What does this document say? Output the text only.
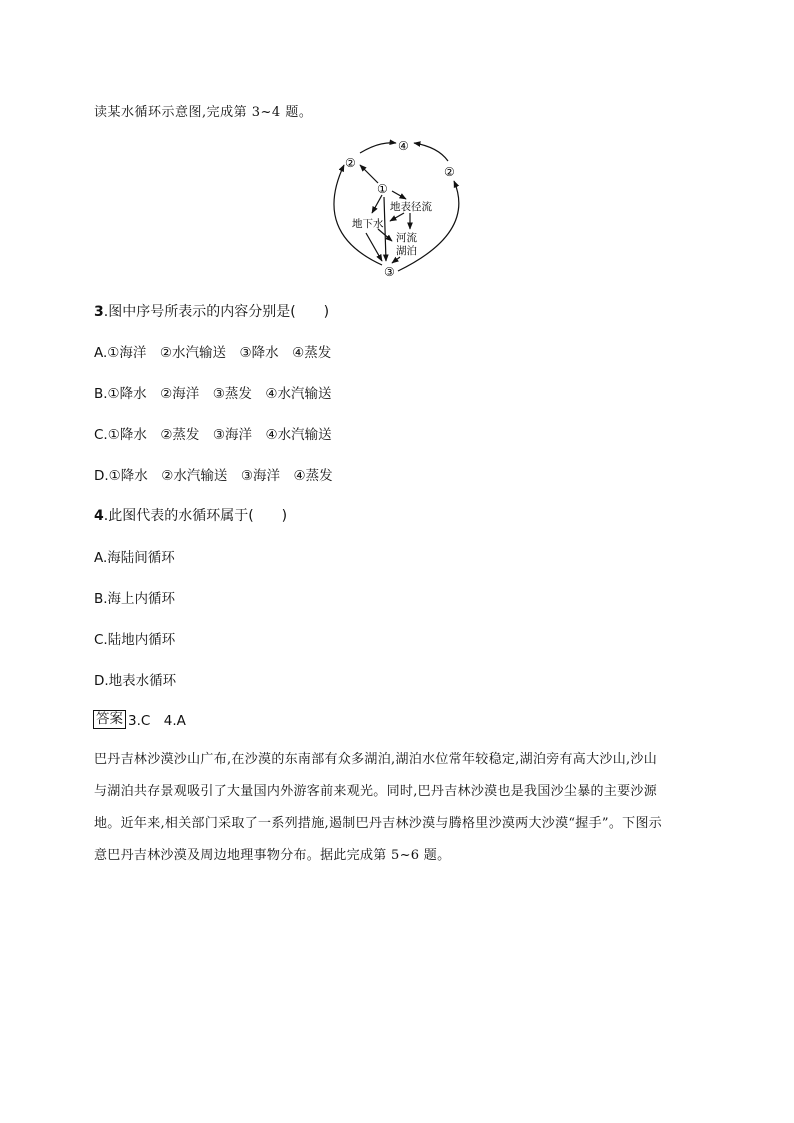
读某水循环示意图,完成第 3~4 题。
④
②
②
①
③
地表径流
地下水
河流
湖泊
3.图中序号所表示的内容分别是(　　)
A.①海洋　②水汽输送　③降水　④蒸发
B.①降水　②海洋　③蒸发　④水汽输送
C.①降水　②蒸发　③海洋　④水汽输送
D.①降水　②水汽输送　③海洋　④蒸发
4.此图代表的水循环属于(　　)
A.海陆间循环
B.海上内循环
C.陆地内循环
D.地表水循环
答案 3.C　4.A

巴丹吉林沙漠沙山广布,在沙漠的东南部有众多湖泊,湖泊水位常年较稳定,湖泊旁有高大沙山,沙山

与湖泊共存景观吸引了大量国内外游客前来观光。同时,巴丹吉林沙漠也是我国沙尘暴的主要沙源

地。近年来,相关部门采取了一系列措施,遏制巴丹吉林沙漠与腾格里沙漠两大沙漠“握手”。下图示

意巴丹吉林沙漠及周边地理事物分布。据此完成第 5~6 题。
